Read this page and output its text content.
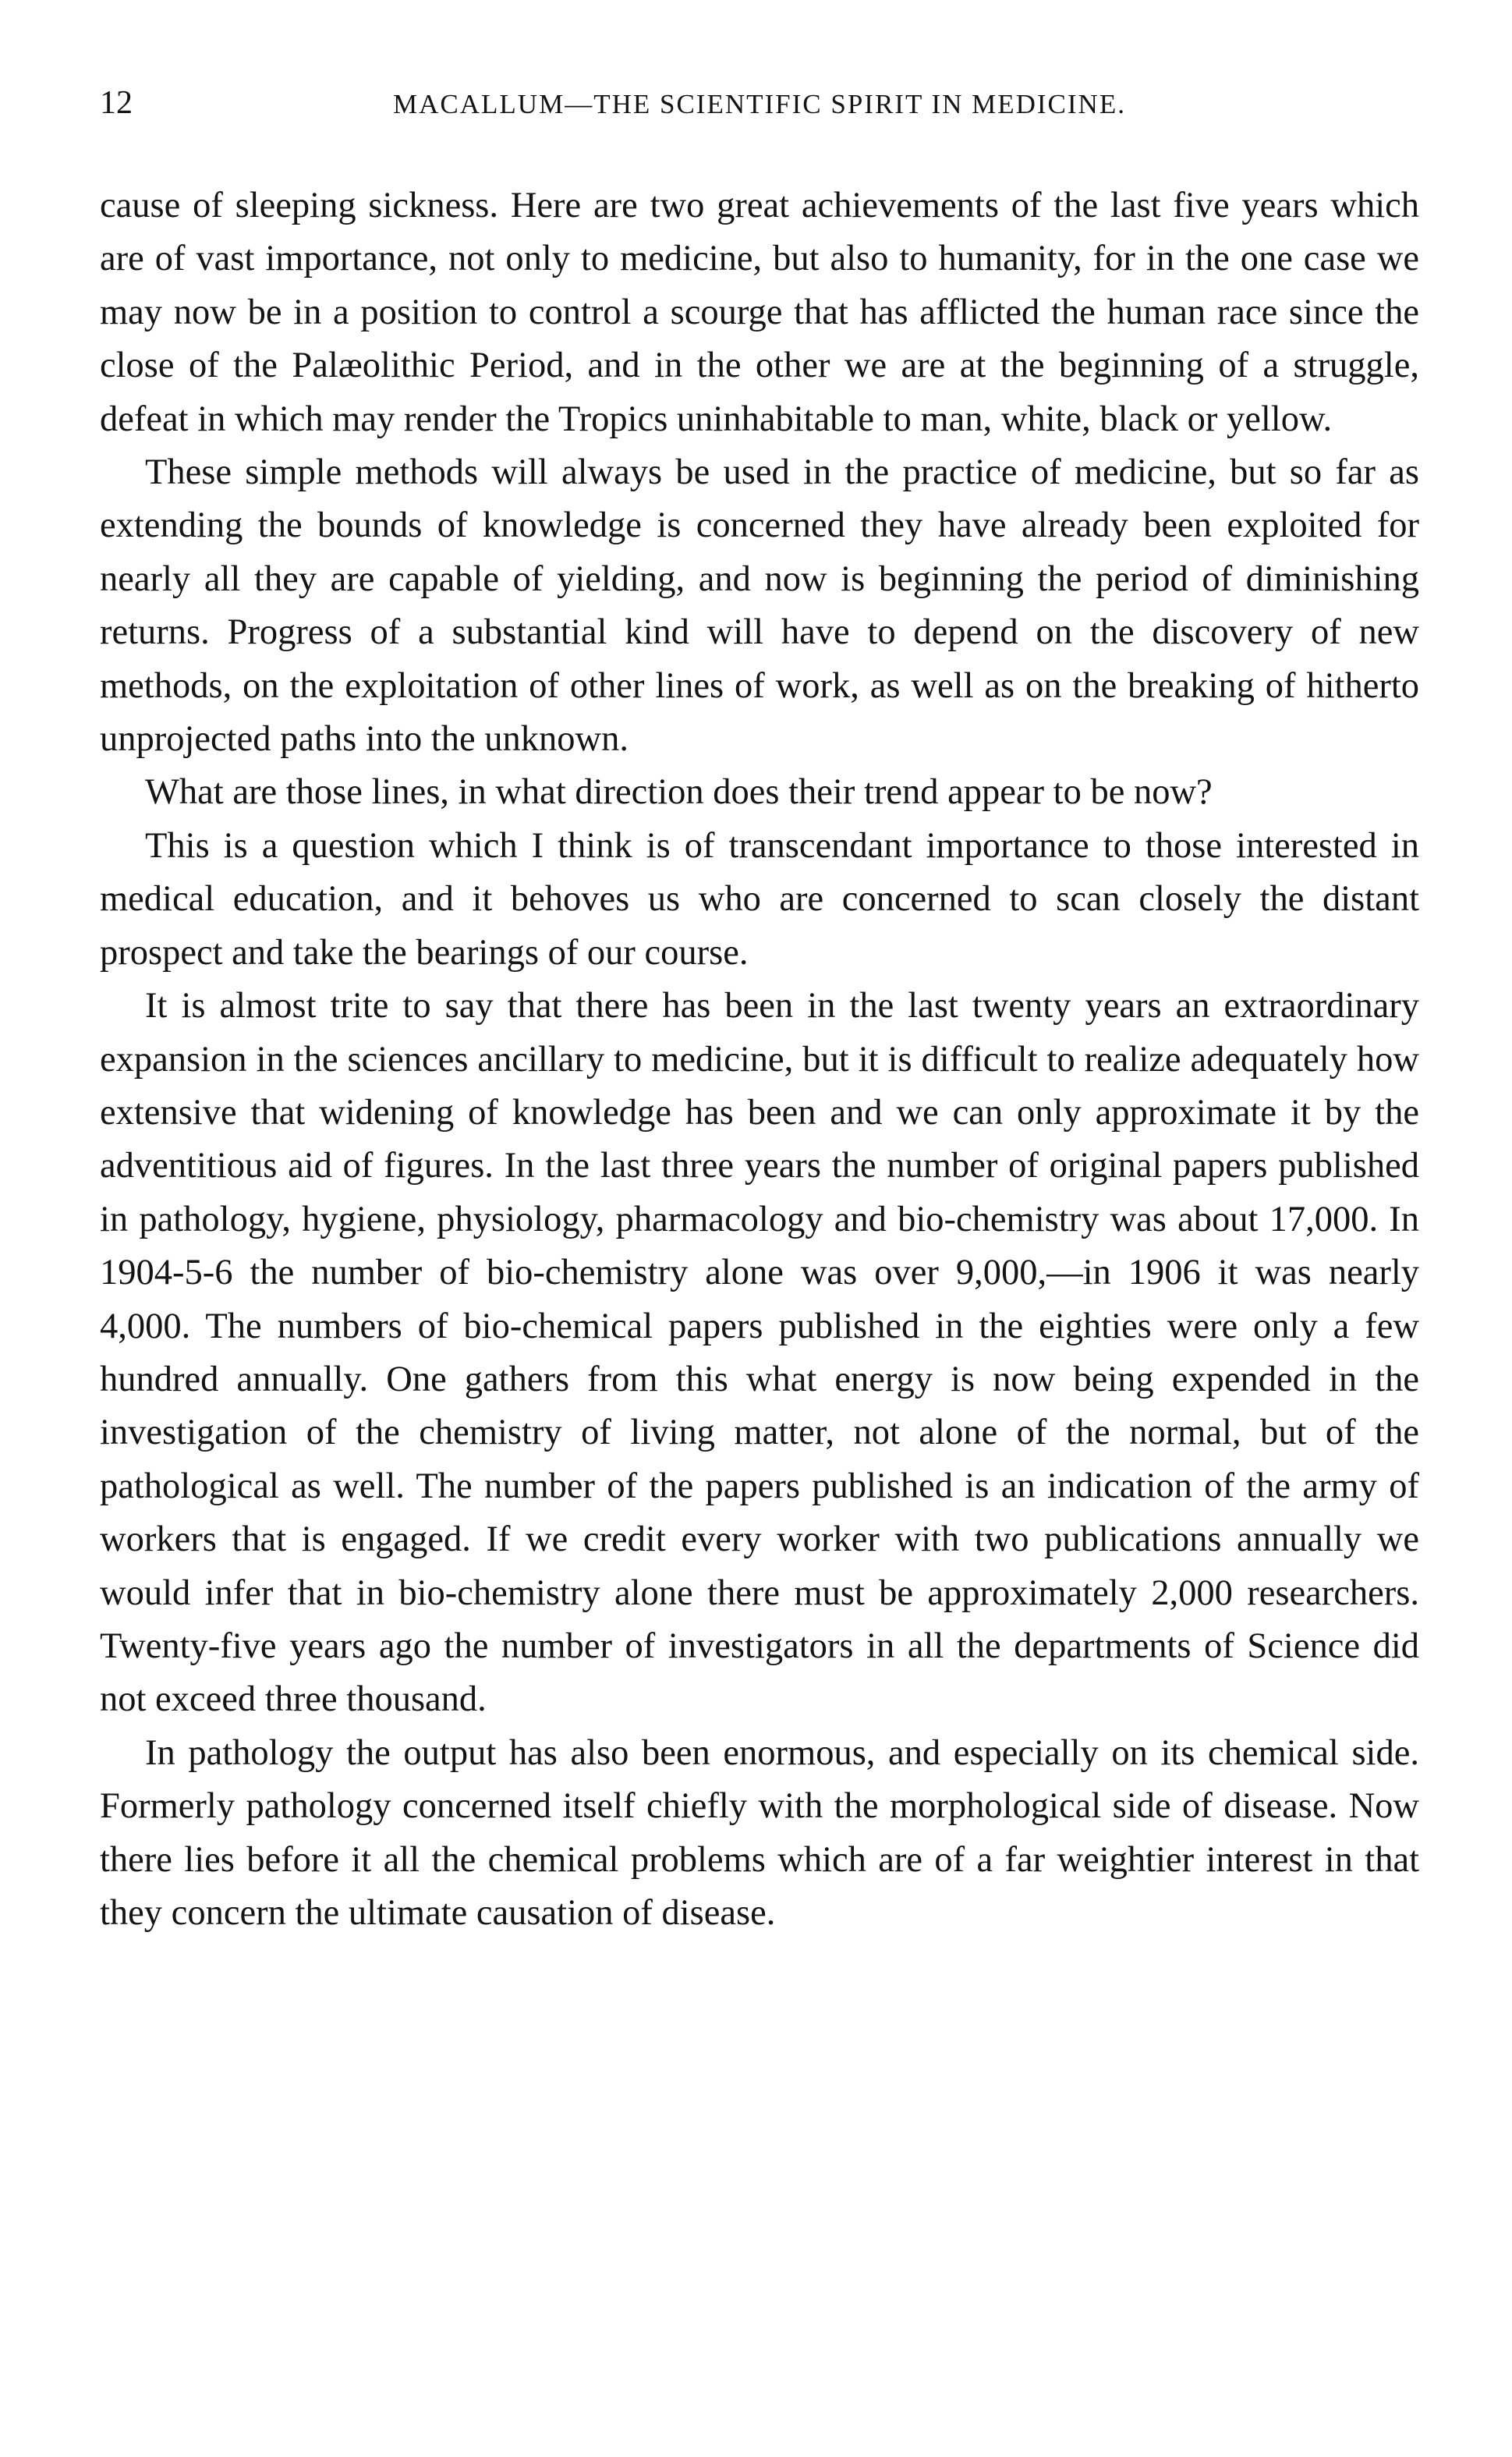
12	MACALLUM—THE SCIENTIFIC SPIRIT IN MEDICINE.

cause of sleeping sickness. Here are two great achievements of the last five years which are of vast importance, not only to medicine, but also to humanity, for in the one case we may now be in a position to control a scourge that has afflicted the human race since the close of the Palæolithic Period, and in the other we are at the beginning of a struggle, defeat in which may render the Tropics uninhabitable to man, white, black or yellow.

These simple methods will always be used in the practice of medicine, but so far as extending the bounds of knowledge is concerned they have already been exploited for nearly all they are capable of yielding, and now is beginning the period of diminishing returns. Progress of a substantial kind will have to depend on the discovery of new methods, on the exploitation of other lines of work, as well as on the breaking of hitherto unprojected paths into the unknown.

What are those lines, in what direction does their trend appear to be now?

This is a question which I think is of transcendant importance to those interested in medical education, and it behoves us who are concerned to scan closely the distant prospect and take the bearings of our course.

It is almost trite to say that there has been in the last twenty years an extraordinary expansion in the sciences ancillary to medicine, but it is difficult to realize adequately how extensive that widening of knowledge has been and we can only approximate it by the adventitious aid of figures. In the last three years the number of original papers published in pathology, hygiene, physiology, pharmacology and bio-chemistry was about 17,000. In 1904-5-6 the number of bio-chemistry alone was over 9,000,—in 1906 it was nearly 4,000. The numbers of bio-chemical papers published in the eighties were only a few hundred annually. One gathers from this what energy is now being expended in the investigation of the chemistry of living matter, not alone of the normal, but of the pathological as well. The number of the papers published is an indication of the army of workers that is engaged. If we credit every worker with two publications annually we would infer that in bio-chemistry alone there must be approximately 2,000 researchers. Twenty-five years ago the number of investigators in all the departments of Science did not exceed three thousand.

In pathology the output has also been enormous, and especially on its chemical side. Formerly pathology concerned itself chiefly with the morphological side of disease. Now there lies before it all the chemical problems which are of a far weightier interest in that they concern the ultimate causation of disease.
